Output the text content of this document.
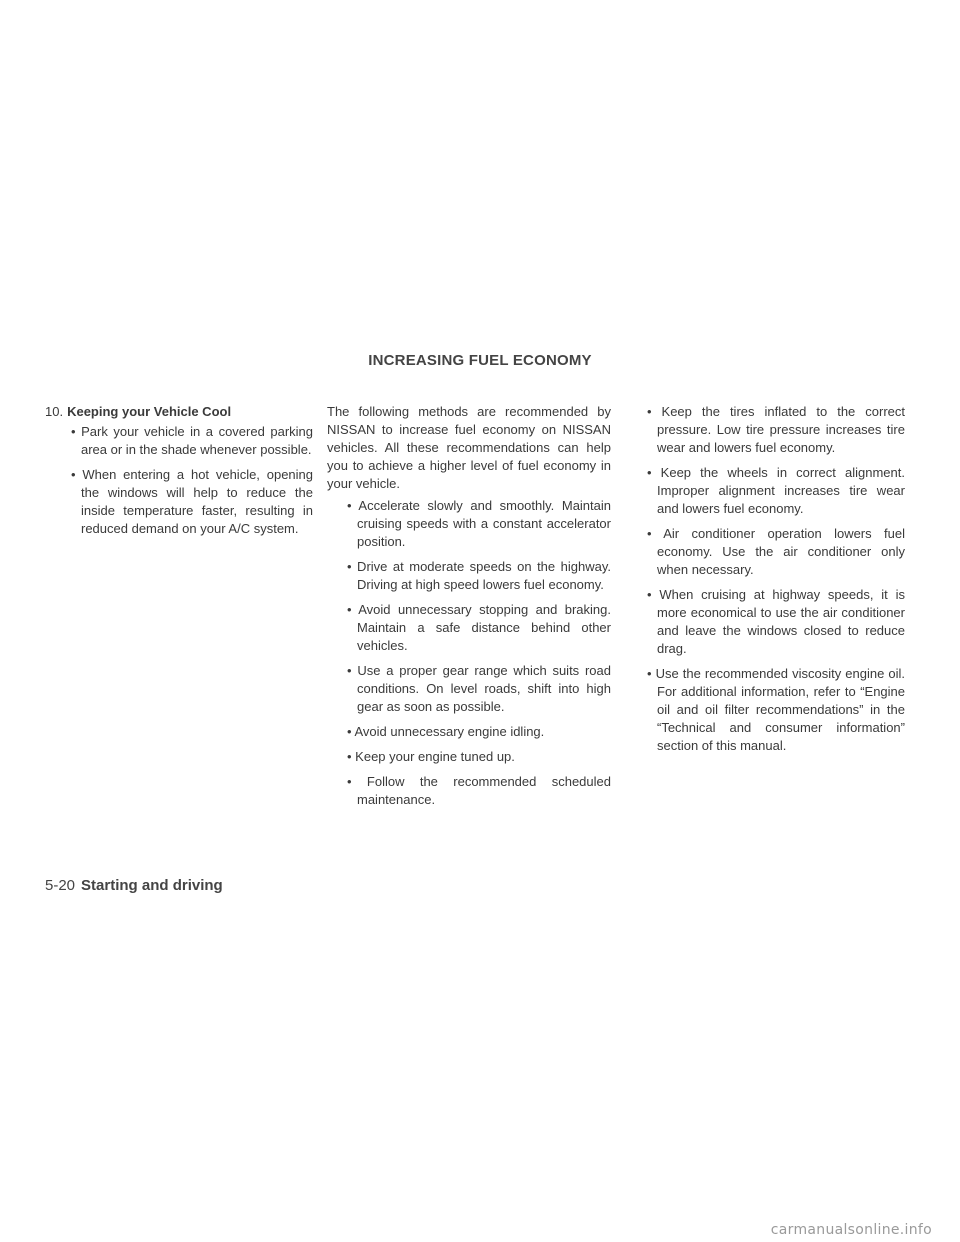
INCREASING FUEL ECONOMY
10. Keeping your Vehicle Cool
• Park your vehicle in a covered parking area or in the shade whenever possible.
• When entering a hot vehicle, opening the windows will help to reduce the inside temperature faster, resulting in reduced demand on your A/C system.

The following methods are recommended by NISSAN to increase fuel economy on NISSAN vehicles. All these recommendations can help you to achieve a higher level of fuel economy in your vehicle.

• Accelerate slowly and smoothly. Maintain cruising speeds with a constant accelerator position.
• Drive at moderate speeds on the highway. Driving at high speed lowers fuel economy.
• Avoid unnecessary stopping and braking. Maintain a safe distance behind other vehicles.
• Use a proper gear range which suits road conditions. On level roads, shift into high gear as soon as possible.
• Avoid unnecessary engine idling.
• Keep your engine tuned up.
• Follow the recommended scheduled maintenance.
• Keep the tires inflated to the correct pressure. Low tire pressure increases tire wear and lowers fuel economy.
• Keep the wheels in correct alignment. Improper alignment increases tire wear and lowers fuel economy.
• Air conditioner operation lowers fuel economy. Use the air conditioner only when necessary.
• When cruising at highway speeds, it is more economical to use the air conditioner and leave the windows closed to reduce drag.
• Use the recommended viscosity engine oil. For additional information, refer to “Engine oil and oil filter recommendations” in the “Technical and consumer information” section of this manual.
5-20 Starting and driving
carmanualsonline.info
